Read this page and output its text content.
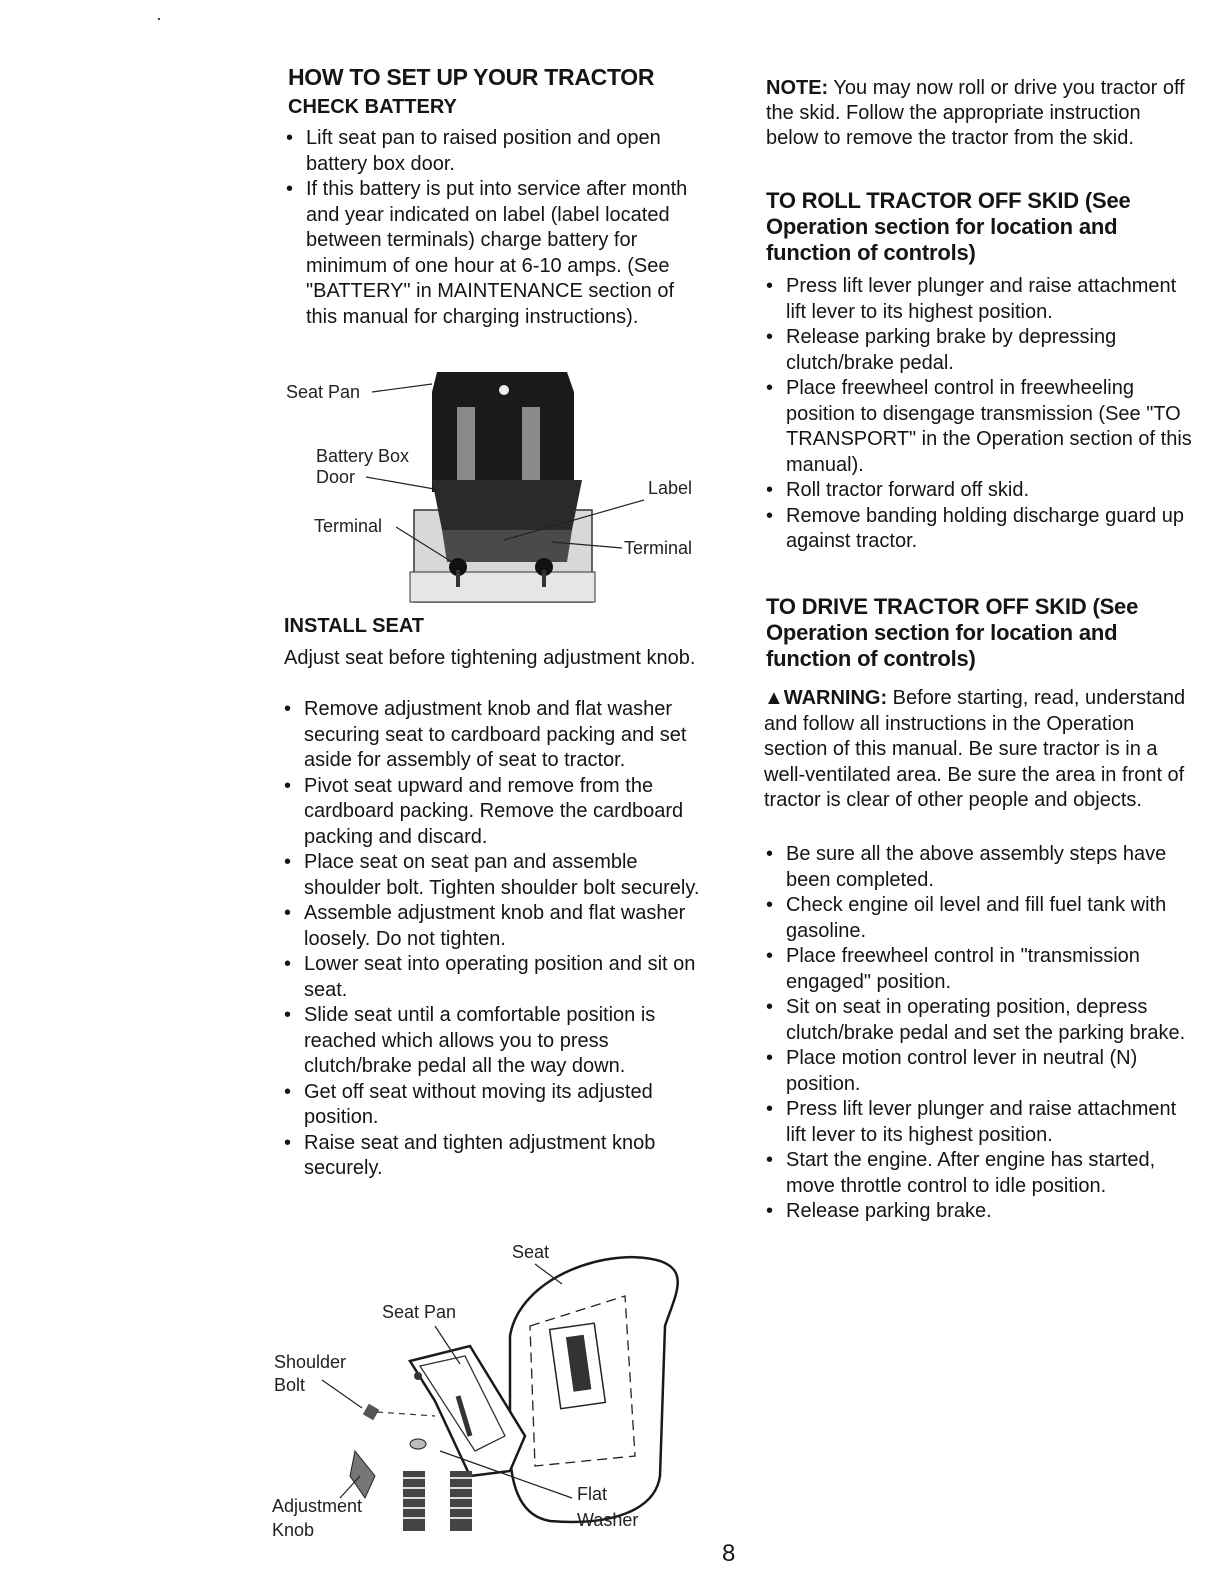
HOW TO SET UP YOUR TRACTOR
CHECK BATTERY
• Lift seat pan to raised position and open battery box door.
• If this battery is put into service after month and year indicated on label (label located between terminals) charge battery for minimum of one hour at 6-10 amps. (See "BATTERY" in MAINTENANCE section of this manual for charging instructions).
Seat Pan
Battery Box
Door
Label
Terminal
Terminal
INSTALL SEAT

Adjust seat before tightening adjustment knob.

• Remove adjustment knob and flat washer securing seat to cardboard packing and set aside for assembly of seat to tractor.
• Pivot seat upward and remove from the cardboard packing. Remove the cardboard packing and discard.
• Place seat on seat pan and assemble shoulder bolt. Tighten shoulder bolt securely.
• Assemble adjustment knob and flat washer loosely. Do not tighten.
• Lower seat into operating position and sit on seat.
• Slide seat until a comfortable position is reached which allows you to press clutch/brake pedal all the way down.
• Get off seat without moving its adjusted position.
• Raise seat and tighten adjustment knob securely.
Seat
Seat Pan
Shoulder
Bolt
Adjustment
Knob
Flat
Washer

NOTE: You may now roll or drive you tractor off the skid. Follow the appropriate instruction below to remove the tractor from the skid.

TO ROLL TRACTOR OFF SKID (See Operation section for location and function of controls)
• Press lift lever plunger and raise attachment lift lever to its highest position.
• Release parking brake by depressing clutch/brake pedal.
• Place freewheel control in freewheeling position to disengage transmission (See "TO TRANSPORT" in the Operation section of this manual).
• Roll tractor forward off skid.
• Remove banding holding discharge guard up against tractor.
TO DRIVE TRACTOR OFF SKID (See Operation section for location and function of controls)

▲WARNING: Before starting, read, understand and follow all instructions in the Operation section of this manual. Be sure tractor is in a well-ventilated area. Be sure the area in front of tractor is clear of other people and objects.

• Be sure all the above assembly steps have been completed.
• Check engine oil level and fill fuel tank with gasoline.
• Place freewheel control in "transmission engaged" position.
• Sit on seat in operating position, depress clutch/brake pedal and set the parking brake.
• Place motion control lever in neutral (N) position.
• Press lift lever plunger and raise attachment lift lever to its highest position.
• Start the engine. After engine has started, move throttle control to idle position.
• Release parking brake.
8
